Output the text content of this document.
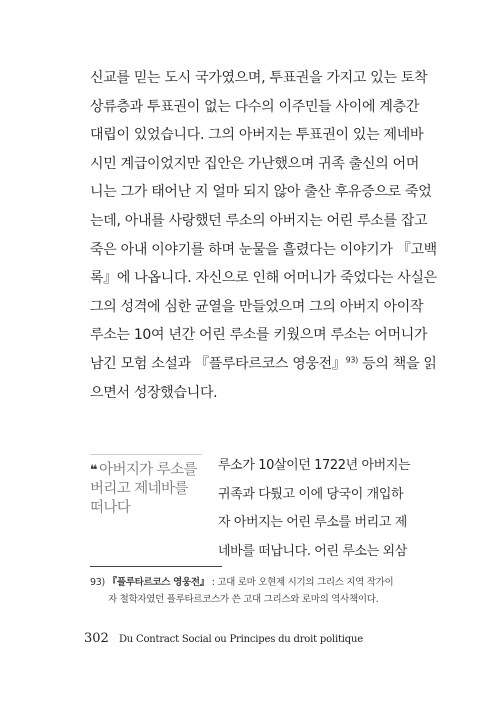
신교를 믿는 도시 국가였으며, 투표권을 가지고 있는 토착
상류층과 투표권이 없는 다수의 이주민들 사이에 계층간
대립이 있었습니다. 그의 아버지는 투표권이 있는 제네바
시민 계급이었지만 집안은 가난했으며 귀족 출신의 어머
니는 그가 태어난 지 얼마 되지 않아 출산 후유증으로 죽었
는데, 아내를 사랑했던 루소의 아버지는 어린 루소를 잡고
죽은 아내 이야기를 하며 눈물을 흘렸다는 이야기가 『고백
록』에 나옵니다. 자신으로 인해 어머니가 죽었다는 사실은
그의 성격에 심한 균열을 만들었으며 그의 아버지 아이작
루소는 10여 년간 어린 루소를 키웠으며 루소는 어머니가
남긴 모험 소설과 『플루타르코스 영웅전』$^{93)}$ 등의 책을 읽
으면서 성장했습니다.

❝ 아버지가 루소를
버리고 제네바를
떠나다

루소가 10살이던 1722년 아버지는
귀족과 다퉜고 이에 당국이 개입하
자 아버지는 어린 루소를 버리고 제
네바를 떠납니다. 어린 루소는 외삼

93) 『플루타르코스 영웅전』 : 고대 로마 오현제 시기의 그리스 지역 작가이
자 철학자였던 플루타르코스가 쓴 고대 그리스와 로마의 역사책이다.

302 Du Contract Social ou Principes du droit politique
